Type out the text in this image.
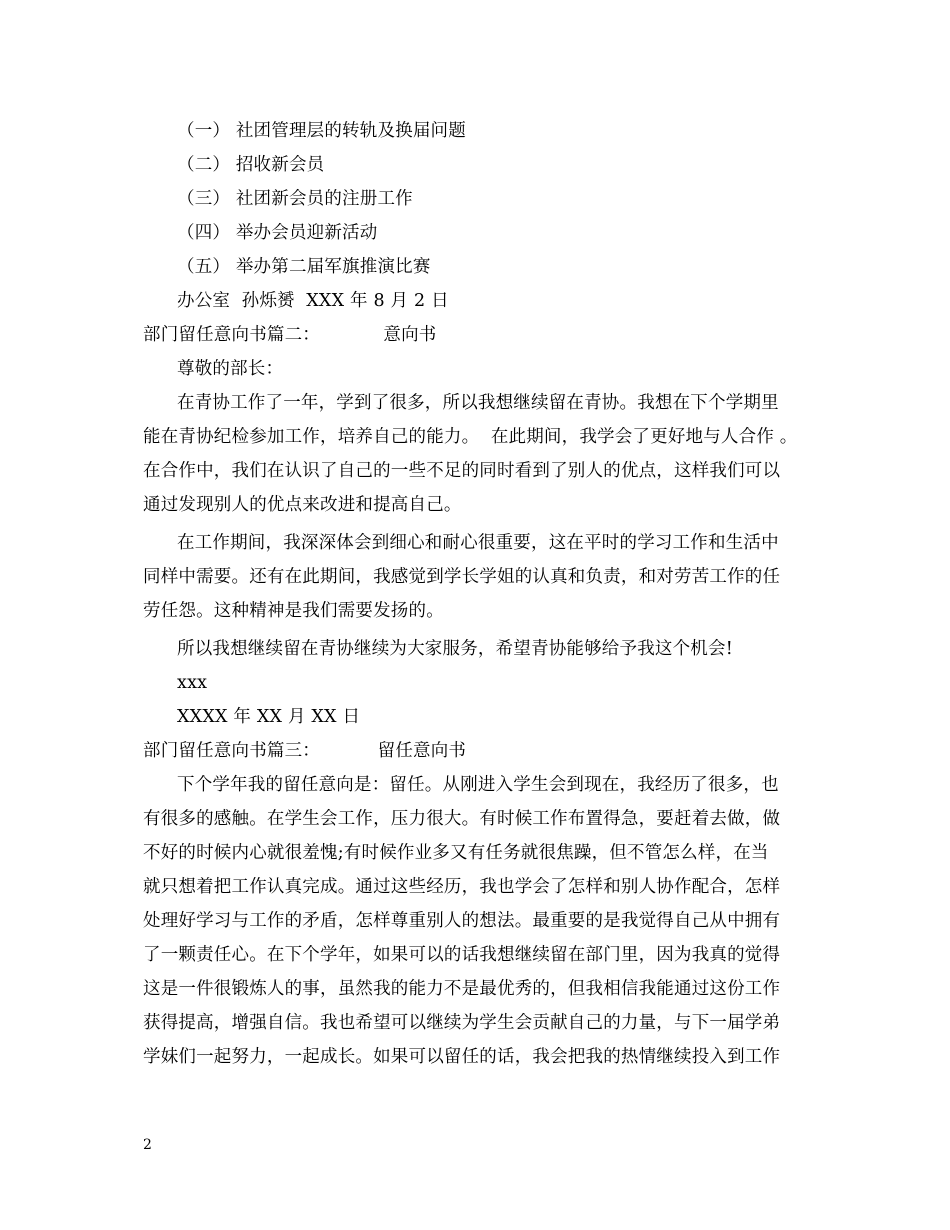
（一） 社团管理层的转轨及换届问题
（二） 招收新会员
（三） 社团新会员的注册工作
（四） 举办会员迎新活动
（五） 举办第二届军旗推演比赛
办公室  孙烁赟  XXX 年 8 月 2 日
部门留任意向书篇二：           意向书
尊敬的部长：
在青协工作了一年，学到了很多，所以我想继续留在青协。我想在下个学期里
能在青协纪检参加工作，培养自己的能力。  在此期间，我学会了更好地与人合作 。
在合作中，我们在认识了自己的一些不足的同时看到了别人的优点，这样我们可以
通过发现别人的优点来改进和提高自己。
在工作期间，我深深体会到细心和耐心很重要，这在平时的学习工作和生活中
同样中需要。还有在此期间，我感觉到学长学姐的认真和负责，和对劳苦工作的任
劳任怨。这种精神是我们需要发扬的。
所以我想继续留在青协继续为大家服务，希望青协能够给予我这个机会!
xxx
XXXX 年 XX 月 XX 日
部门留任意向书篇三：          留任意向书
下个学年我的留任意向是：留任。从刚进入学生会到现在，我经历了很多，也
有很多的感触。在学生会工作，压力很大。有时候工作布置得急，要赶着去做，做
不好的时候内心就很羞愧;有时候作业多又有任务就很焦躁，但不管怎么样，在当
就只想着把工作认真完成。通过这些经历，我也学会了怎样和别人协作配合，怎样
处理好学习与工作的矛盾，怎样尊重别人的想法。最重要的是我觉得自己从中拥有
了一颗责任心。在下个学年，如果可以的话我想继续留在部门里，因为我真的觉得
这是一件很锻炼人的事，虽然我的能力不是最优秀的，但我相信我能通过这份工作
获得提高，增强自信。我也希望可以继续为学生会贡献自己的力量，与下一届学弟
学妹们一起努力，一起成长。如果可以留任的话，我会把我的热情继续投入到工作
2
